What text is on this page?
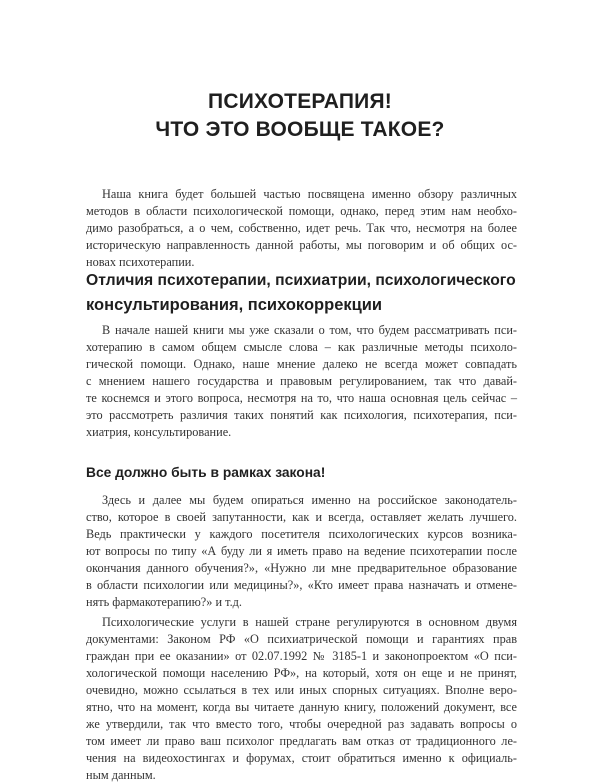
ПСИХОТЕРАПИЯ!
ЧТО ЭТО ВООБЩЕ ТАКОЕ?
Наша книга будет большей частью посвящена именно обзору различных
методов в области психологической помощи, однако, перед этим нам необхо-
димо разобраться, а о чем, собственно, идет речь. Так что, несмотря на более
историческую направленность данной работы, мы поговорим и об общих ос-
новах психотерапии.
Отличия психотерапии, психиатрии, психологического
консультирования, психокоррекции
В начале нашей книги мы уже сказали о том, что будем рассматривать пси-
хотерапию в самом общем смысле слова – как различные методы психоло-
гической помощи. Однако, наше мнение далеко не всегда может совпадать
с мнением нашего государства и правовым регулированием, так что давай-
те коснемся и этого вопроса, несмотря на то, что наша основная цель сейчас –
это рассмотреть различия таких понятий как психология, психотерапия, пси-
хиатрия, консультирование.
Все должно быть в рамках закона!
Здесь и далее мы будем опираться именно на российское законодатель-
ство, которое в своей запутанности, как и всегда, оставляет желать лучшего.
Ведь практически у каждого посетителя психологических курсов возника-
ют вопросы по типу «А буду ли я иметь право на ведение психотерапии после
окончания данного обучения?», «Нужно ли мне предварительное образование
в области психологии или медицины?», «Кто имеет права назначать и отмене-
нять фармакотерапию?» и т.д.
Психологические услуги в нашей стране регулируются в основном двумя
документами: Законом РФ «О психиатрической помощи и гарантиях прав
граждан при ее оказании» от 02.07.1992 № 3185-1 и законопроектом «О пси-
хологической помощи населению РФ», на который, хотя он еще и не принят,
очевидно, можно ссылаться в тех или иных спорных ситуациях. Вполне веро-
ятно, что на момент, когда вы читаете данную книгу, положений документ, все
же утвердили, так что вместо того, чтобы очередной раз задавать вопросы о
том имеет ли право ваш психолог предлагать вам отказ от традиционного ле-
чения на видеохостингах и форумах, стоит обратиться именно к официаль-
ным данным.
